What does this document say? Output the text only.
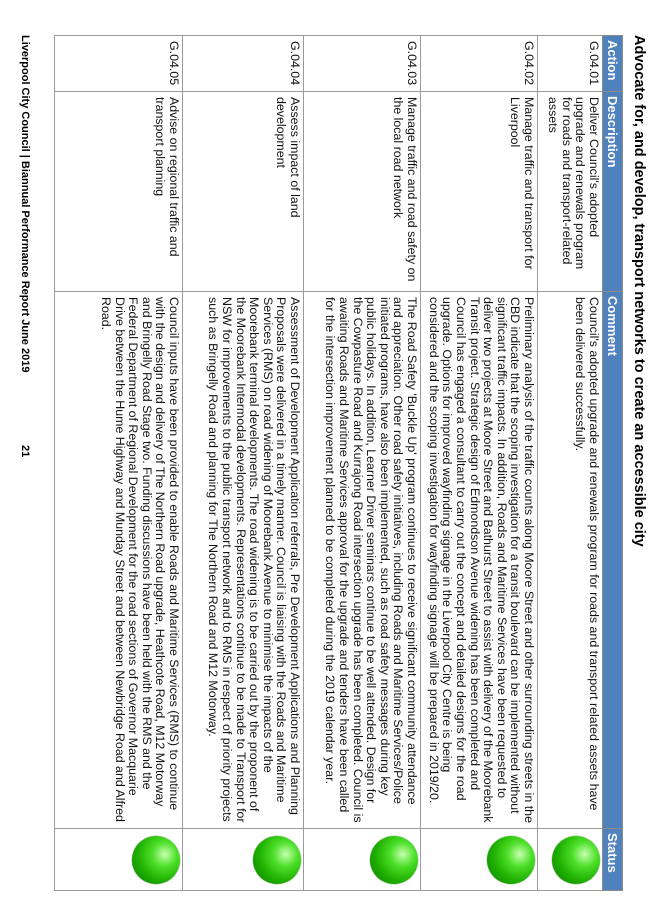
Advocate for, and develop, transport networks to create an accessible city
Action	Description	Comment	Status
G.04.01	Deliver Council's adopted upgrade and renewals program for roads and transport-related assets	Council's adopted upgrade and renewals program for roads and transport related assets have been delivered successfully.	
G.04.02	Manage traffic and transport for Liverpool	Preliminary analysis of the traffic counts along Moore Street and other surrounding streets in the CBD indicate that the scoping investigation for a transit boulevard can be implemented without significant traffic impacts. In addition, Roads and Maritime Services have been requested to deliver two projects at Moore Street and Bathurst Street to assist with delivery of the Moorebank Transit project. Strategic design of Edmondson Avenue widening has been completed and Council has engaged a consultant to carry out the concept and detailed designs for the road upgrade. Options for improved wayfinding signage in the Liverpool City Centre is being considered and the scoping investigation for wayfinding signage will be prepared in 2019/20.	
G.04.03	Manage traffic and road safety on the local road network	The Road Safety 'Buckle Up' program continues to receive significant community attendance and appreciation. Other road safety initiatives, including Roads and Maritime Services/Police initiated programs, have also been implemented, such as road safety messages during key public holidays. In addition, Learner Driver seminars continue to be well attended. Design for the Cowpasture Road and Kurrajong Road intersection upgrade has been completed. Council is awaiting Roads and Maritime Services approval for the upgrade and tenders have been called for the intersection improvement planned to be completed during the 2019 calendar year.	
G.04.04	Assess impact of land development	Assessment of Development Application referrals, Pre Development Applications and Planning Proposals were delivered in a timely manner. Council is liaising with the Roads and Maritime Services (RMS) on road widening of Moorebank Avenue to minimise the impacts of the Moorebank terminal developments. The road widening is to be carried out by the proponent of the Moorebank Intermodal developments. Representations continue to be made to Transport for NSW for improvements to the public transport network and to RMS in respect of priority projects such as Bringelly Road and planning for The Northern Road and M12 Motorway.	
G.04.05	Advise on regional traffic and transport planning	Council inputs have been provided to enable Roads and Maritime Services (RMS) to continue with the design and delivery of The Northern Road upgrade, Heathcote Road, M12 Motorway and Bringelly Road Stage two. Funding discussions have been held with the RMS and the Federal Department of Regional Development for the road sections of Governor Macquarie Drive between the Hume Highway and Munday Street and between Newbridge Road and Alfred Road.	
Liverpool City Council | Biannual Performance Report June 2019
21
